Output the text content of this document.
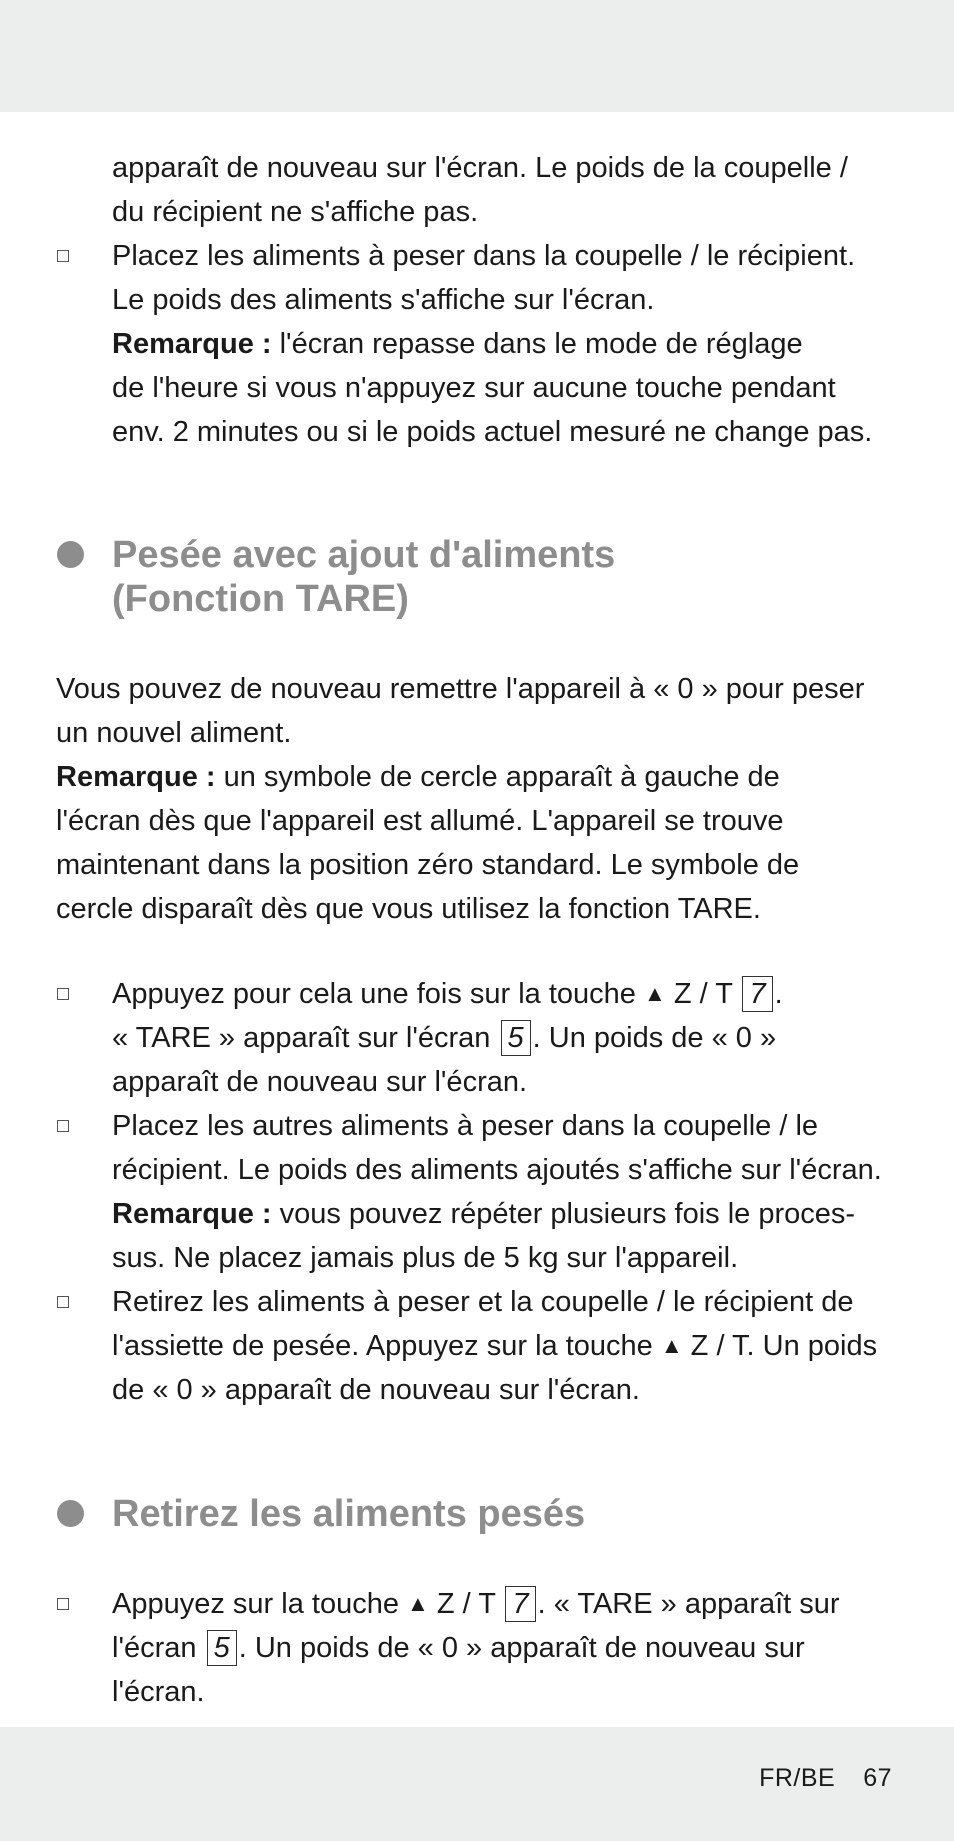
apparaît de nouveau sur l'écran. Le poids de la coupelle /
du récipient ne s'affiche pas.
Placez les aliments à peser dans la coupelle / le récipient.
Le poids des aliments s'affiche sur l'écran.
Remarque : l'écran repasse dans le mode de réglage
de l'heure si vous n'appuyez sur aucune touche pendant
env. 2 minutes ou si le poids actuel mesuré ne change pas.
Pesée avec ajout d'aliments
(Fonction TARE)
Vous pouvez de nouveau remettre l'appareil à « 0 » pour peser
un nouvel aliment.
Remarque : un symbole de cercle apparaît à gauche de
l'écran dès que l'appareil est allumé. L'appareil se trouve
maintenant dans la position zéro standard. Le symbole de
cercle disparaît dès que vous utilisez la fonction TARE.
Appuyez pour cela une fois sur la touche ▲ Z / T 7 .
« TARE » apparaît sur l'écran 5 . Un poids de « 0 »
apparaît de nouveau sur l'écran.
Placez les autres aliments à peser dans la coupelle / le
récipient. Le poids des aliments ajoutés s'affiche sur l'écran.
Remarque : vous pouvez répéter plusieurs fois le proces-
sus. Ne placez jamais plus de 5 kg sur l'appareil.
Retirez les aliments à peser et la coupelle / le récipient de
l'assiette de pesée. Appuyez sur la touche ▲ Z / T. Un poids
de « 0 » apparaît de nouveau sur l'écran.
Retirez les aliments pesés
Appuyez sur la touche ▲ Z / T 7 . « TARE » apparaît sur
l'écran 5 . Un poids de « 0 » apparaît de nouveau sur
l'écran.
FR/BE 67
